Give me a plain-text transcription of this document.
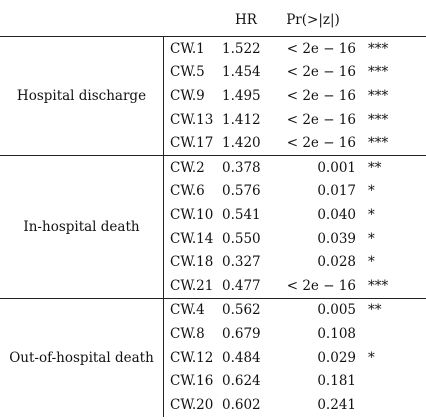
		HR	Pr(>|z|)	
Hospital discharge	CW.1	1.522	< 2e − 16	***
	CW.5	1.454	< 2e − 16	***
	CW.9	1.495	< 2e − 16	***
	CW.13	1.412	< 2e − 16	***
	CW.17	1.420	< 2e − 16	***
In-hospital death	CW.2	0.378	0.001	**
	CW.6	0.576	0.017	*
	CW.10	0.541	0.040	*
	CW.14	0.550	0.039	*
	CW.18	0.327	0.028	*
	CW.21	0.477	< 2e − 16	***
Out-of-hospital death	CW.4	0.562	0.005	**
	CW.8	0.679	0.108	
	CW.12	0.484	0.029	*
	CW.16	0.624	0.181	
	CW.20	0.602	0.241	
